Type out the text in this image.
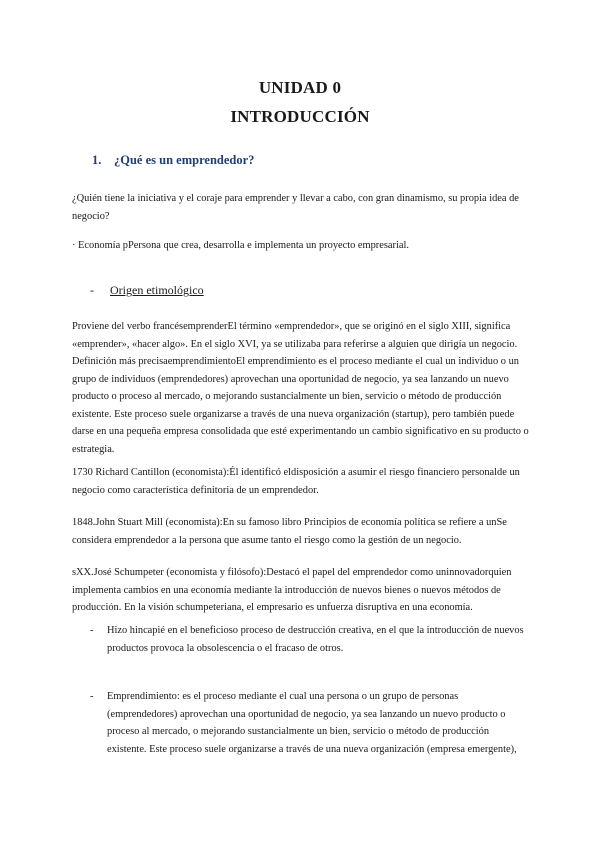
UNIDAD 0
INTRODUCCIÓN
1. ¿Qué es un emprendedor?
¿Quién tiene la iniciativa y el coraje para emprender y llevar a cabo, con gran dinamismo, su propia idea de negocio?
· Economía pPersona que crea, desarrolla e implementa un proyecto empresarial.
- Origen etimológico
Proviene del verbo francésemprenderEl término «emprendedor», que se originó en el siglo XIII, significa «emprender», «hacer algo». En el siglo XVI, ya se utilizaba para referirse a alguien que dirigía un negocio. Definición más precisaemprendimientoEl emprendimiento es el proceso mediante el cual un individuo o un grupo de individuos (emprendedores) aprovechan una oportunidad de negocio, ya sea lanzando un nuevo producto o proceso al mercado, o mejorando sustancialmente un bien, servicio o método de producción existente. Este proceso suele organizarse a través de una nueva organización (startup), pero también puede darse en una pequeña empresa consolidada que esté experimentando un cambio significativo en su producto o estrategia.
1730 Richard Cantillon (economista):Él identificó eldisposición a asumir el riesgo financiero personalde un negocio como característica definitoria de un emprendedor.
1848.John Stuart Mill (economista):En su famoso libro Principios de economía política se refiere a unSe considera emprendedor a la persona que asume tanto el riesgo como la gestión de un negocio.
sXX.José Schumpeter (economista y filósofo):Destacó el papel del emprendedor como uninnovadorquien implementa cambios en una economía mediante la introducción de nuevos bienes o nuevos métodos de producción. En la visión schumpeteriana, el empresario es unfuerza disruptiva en una economía.
- Hizo hincapié en el beneficioso proceso de destrucción creativa, en el que la introducción de nuevos productos provoca la obsolescencia o el fracaso de otros.
- Emprendimiento: es el proceso mediante el cual una persona o un grupo de personas (emprendedores) aprovechan una oportunidad de negocio, ya sea lanzando un nuevo producto o proceso al mercado, o mejorando sustancialmente un bien, servicio o método de producción existente. Este proceso suele organizarse a través de una nueva organización (empresa emergente),
